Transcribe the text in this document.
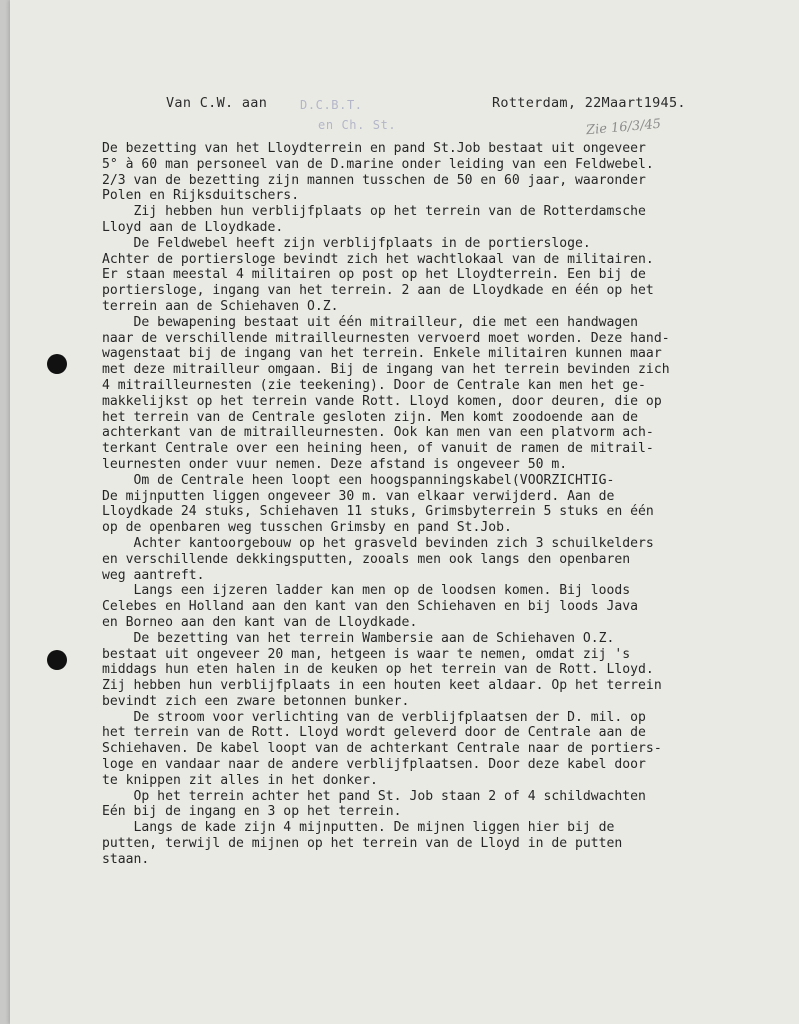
Van C.W. aan	D.C.B.T.
en Ch. St.
Rotterdam, 22Maart1945.
Zie 16/3/45
De bezetting van het Lloydterrein en pand St.Job bestaat uit ongeveer
5° à 60 man personeel van de D.marine onder leiding van een Feldwebel.
2/3 van de bezetting zijn mannen tusschen de 50 en 60 jaar, waaronder
Polen en Rijksduitschers.
Zij hebben hun verblijfplaats op het terrein van de Rotterdamsche
Lloyd aan de Lloydkade.
De Feldwebel heeft zijn verblijfplaats in de portiersloge.
Achter de portiersloge bevindt zich het wachtlokaal van de militairen.
Er staan meestal 4 militairen op post op het Lloydterrein. Een bij de
portiersloge, ingang van het terrein. 2 aan de Lloydkade en één op het
terrein aan de Schiehaven O.Z.
De bewapening bestaat uit één mitrailleur, die met een handwagen
naar de verschillende mitrailleurnesten vervoerd moet worden. Deze hand-
wagenstaat bij de ingang van het terrein. Enkele militairen kunnen maar
met deze mitrailleur omgaan. Bij de ingang van het terrein bevinden zich
4 mitrailleurnesten (zie teekening). Door de Centrale kan men het ge-
makkelijkst op het terrein vande Rott. Lloyd komen, door deuren, die op
het terrein van de Centrale gesloten zijn. Men komt zoodoende aan de
achterkant van de mitrailleurnesten. Ook kan men van een platvorm ach-
terkant Centrale over een heining heen, of vanuit de ramen de mitrail-
leurnesten onder vuur nemen. Deze afstand is ongeveer 50 m.
Om de Centrale heen loopt een hoogspanningskabel(VOORZICHTIG-
De mijnputten liggen ongeveer 30 m. van elkaar verwijderd. Aan de
Lloydkade 24 stuks, Schiehaven 11 stuks, Grimsbyterrein 5 stuks en één
op de openbaren weg tusschen Grimsby en pand St.Job.
Achter kantoorgebouw op het grasveld bevinden zich 3 schuilkelders
en verschillende dekkingsputten, zooals men ook langs den openbaren
weg aantreft.
Langs een ijzeren ladder kan men op de loodsen komen. Bij loods
Celebes en Holland aan den kant van den Schiehaven en bij loods Java
en Borneo aan den kant van de Lloydkade.
De bezetting van het terrein Wambersie aan de Schiehaven O.Z.
bestaat uit ongeveer 20 man, hetgeen is waar te nemen, omdat zij 's
middags hun eten halen in de keuken op het terrein van de Rott. Lloyd.
Zij hebben hun verblijfplaats in een houten keet aldaar. Op het terrein
bevindt zich een zware betonnen bunker.
De stroom voor verlichting van de verblijfplaatsen der D. mil. op
het terrein van de Rott. Lloyd wordt geleverd door de Centrale aan de
Schiehaven. De kabel loopt van de achterkant Centrale naar de portiers-
loge en vandaar naar de andere verblijfplaatsen. Door deze kabel door
te knippen zit alles in het donker.
Op het terrein achter het pand St. Job staan 2 of 4 schildwachten
Eén bij de ingang en 3 op het terrein.
Langs de kade zijn 4 mijnputten. De mijnen liggen hier bij de
putten, terwijl de mijnen op het terrein van de Lloyd in de putten
staan.
